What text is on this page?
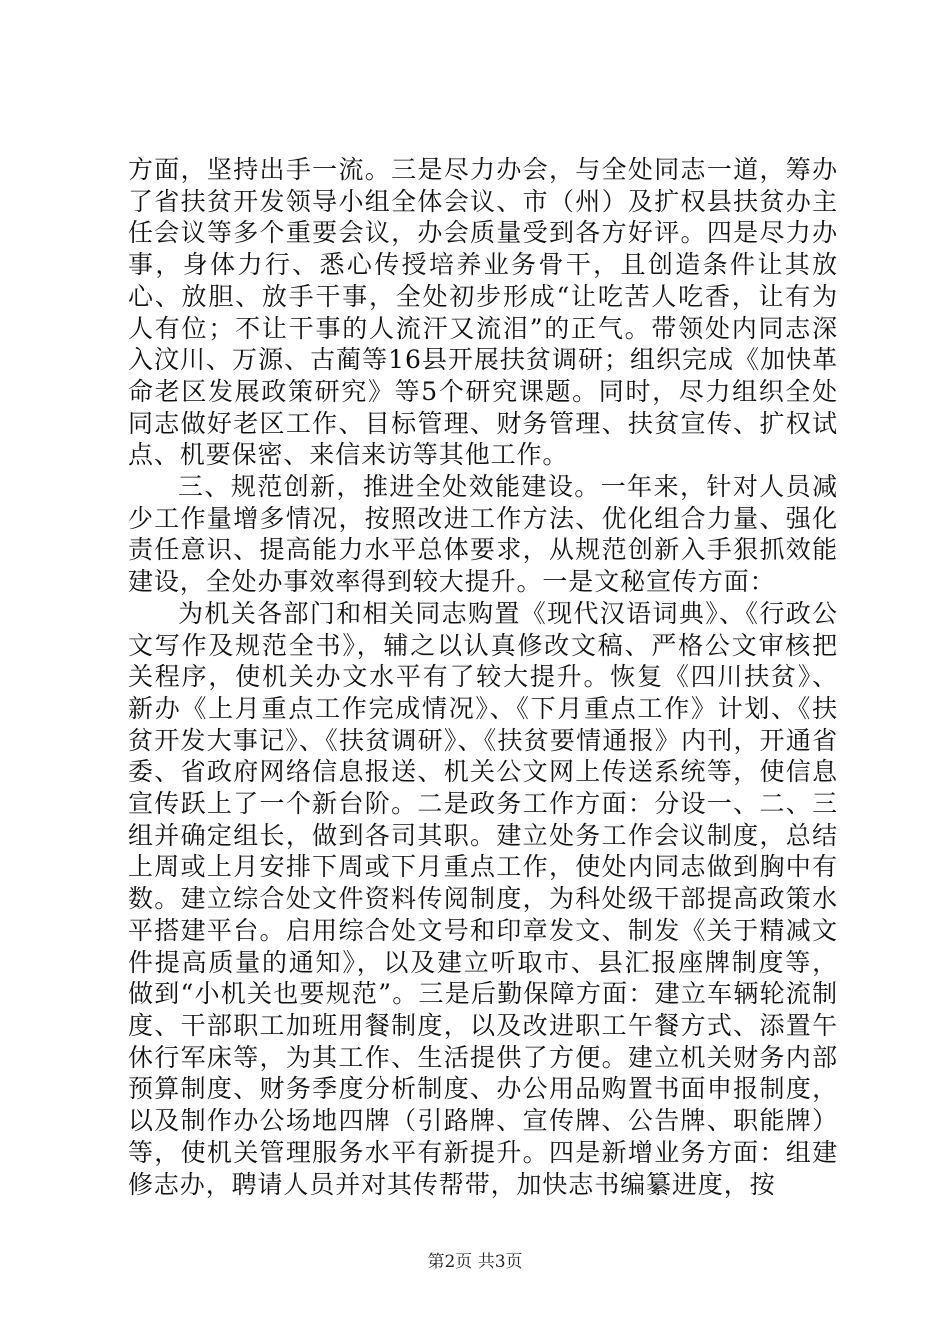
方面，坚持出手一流。三是尽力办会，与全处同志一道，筹办了省扶贫开发领导小组全体会议、市（州）及扩权县扶贫办主任会议等多个重要会议，办会质量受到各方好评。四是尽力办事，身体力行、悉心传授培养业务骨干，且创造条件让其放心、放胆、放手干事，全处初步形成“让吃苦人吃香，让有为人有位；不让干事的人流汗又流泪”的正气。带领处内同志深入汶川、万源、古蔺等16县开展扶贫调研；组织完成《加快革命老区发展政策研究》等5个研究课题。同时，尽力组织全处同志做好老区工作、目标管理、财务管理、扶贫宣传、扩权试点、机要保密、来信来访等其他工作。

三、规范创新，推进全处效能建设。一年来，针对人员减少工作量增多情况，按照改进工作方法、优化组合力量、强化责任意识、提高能力水平总体要求，从规范创新入手狠抓效能建设，全处办事效率得到较大提升。一是文秘宣传方面：

为机关各部门和相关同志购置《现代汉语词典》、《行政公文写作及规范全书》，辅之以认真修改文稿、严格公文审核把关程序，使机关办文水平有了较大提升。恢复《四川扶贫》、新办《上月重点工作完成情况》、《下月重点工作》计划、《扶贫开发大事记》、《扶贫调研》、《扶贫要情通报》内刊，开通省委、省政府网络信息报送、机关公文网上传送系统等，使信息宣传跃上了一个新台阶。二是政务工作方面：分设一、二、三组并确定组长，做到各司其职。建立处务工作会议制度，总结上周或上月安排下周或下月重点工作，使处内同志做到胸中有数。建立综合处文件资料传阅制度，为科处级干部提高政策水平搭建平台。启用综合处文号和印章发文、制发《关于精减文件提高质量的通知》，以及建立听取市、县汇报座牌制度等，做到“小机关也要规范”。三是后勤保障方面：建立车辆轮流制度、干部职工加班用餐制度，以及改进职工午餐方式、添置午休行军床等，为其工作、生活提供了方便。建立机关财务内部预算制度、财务季度分析制度、办公用品购置书面申报制度，以及制作办公场地四牌（引路牌、宣传牌、公告牌、职能牌）等，使机关管理服务水平有新提升。四是新增业务方面：组建修志办，聘请人员并对其传帮带，加快志书编纂进度，按

第2页 共3页
